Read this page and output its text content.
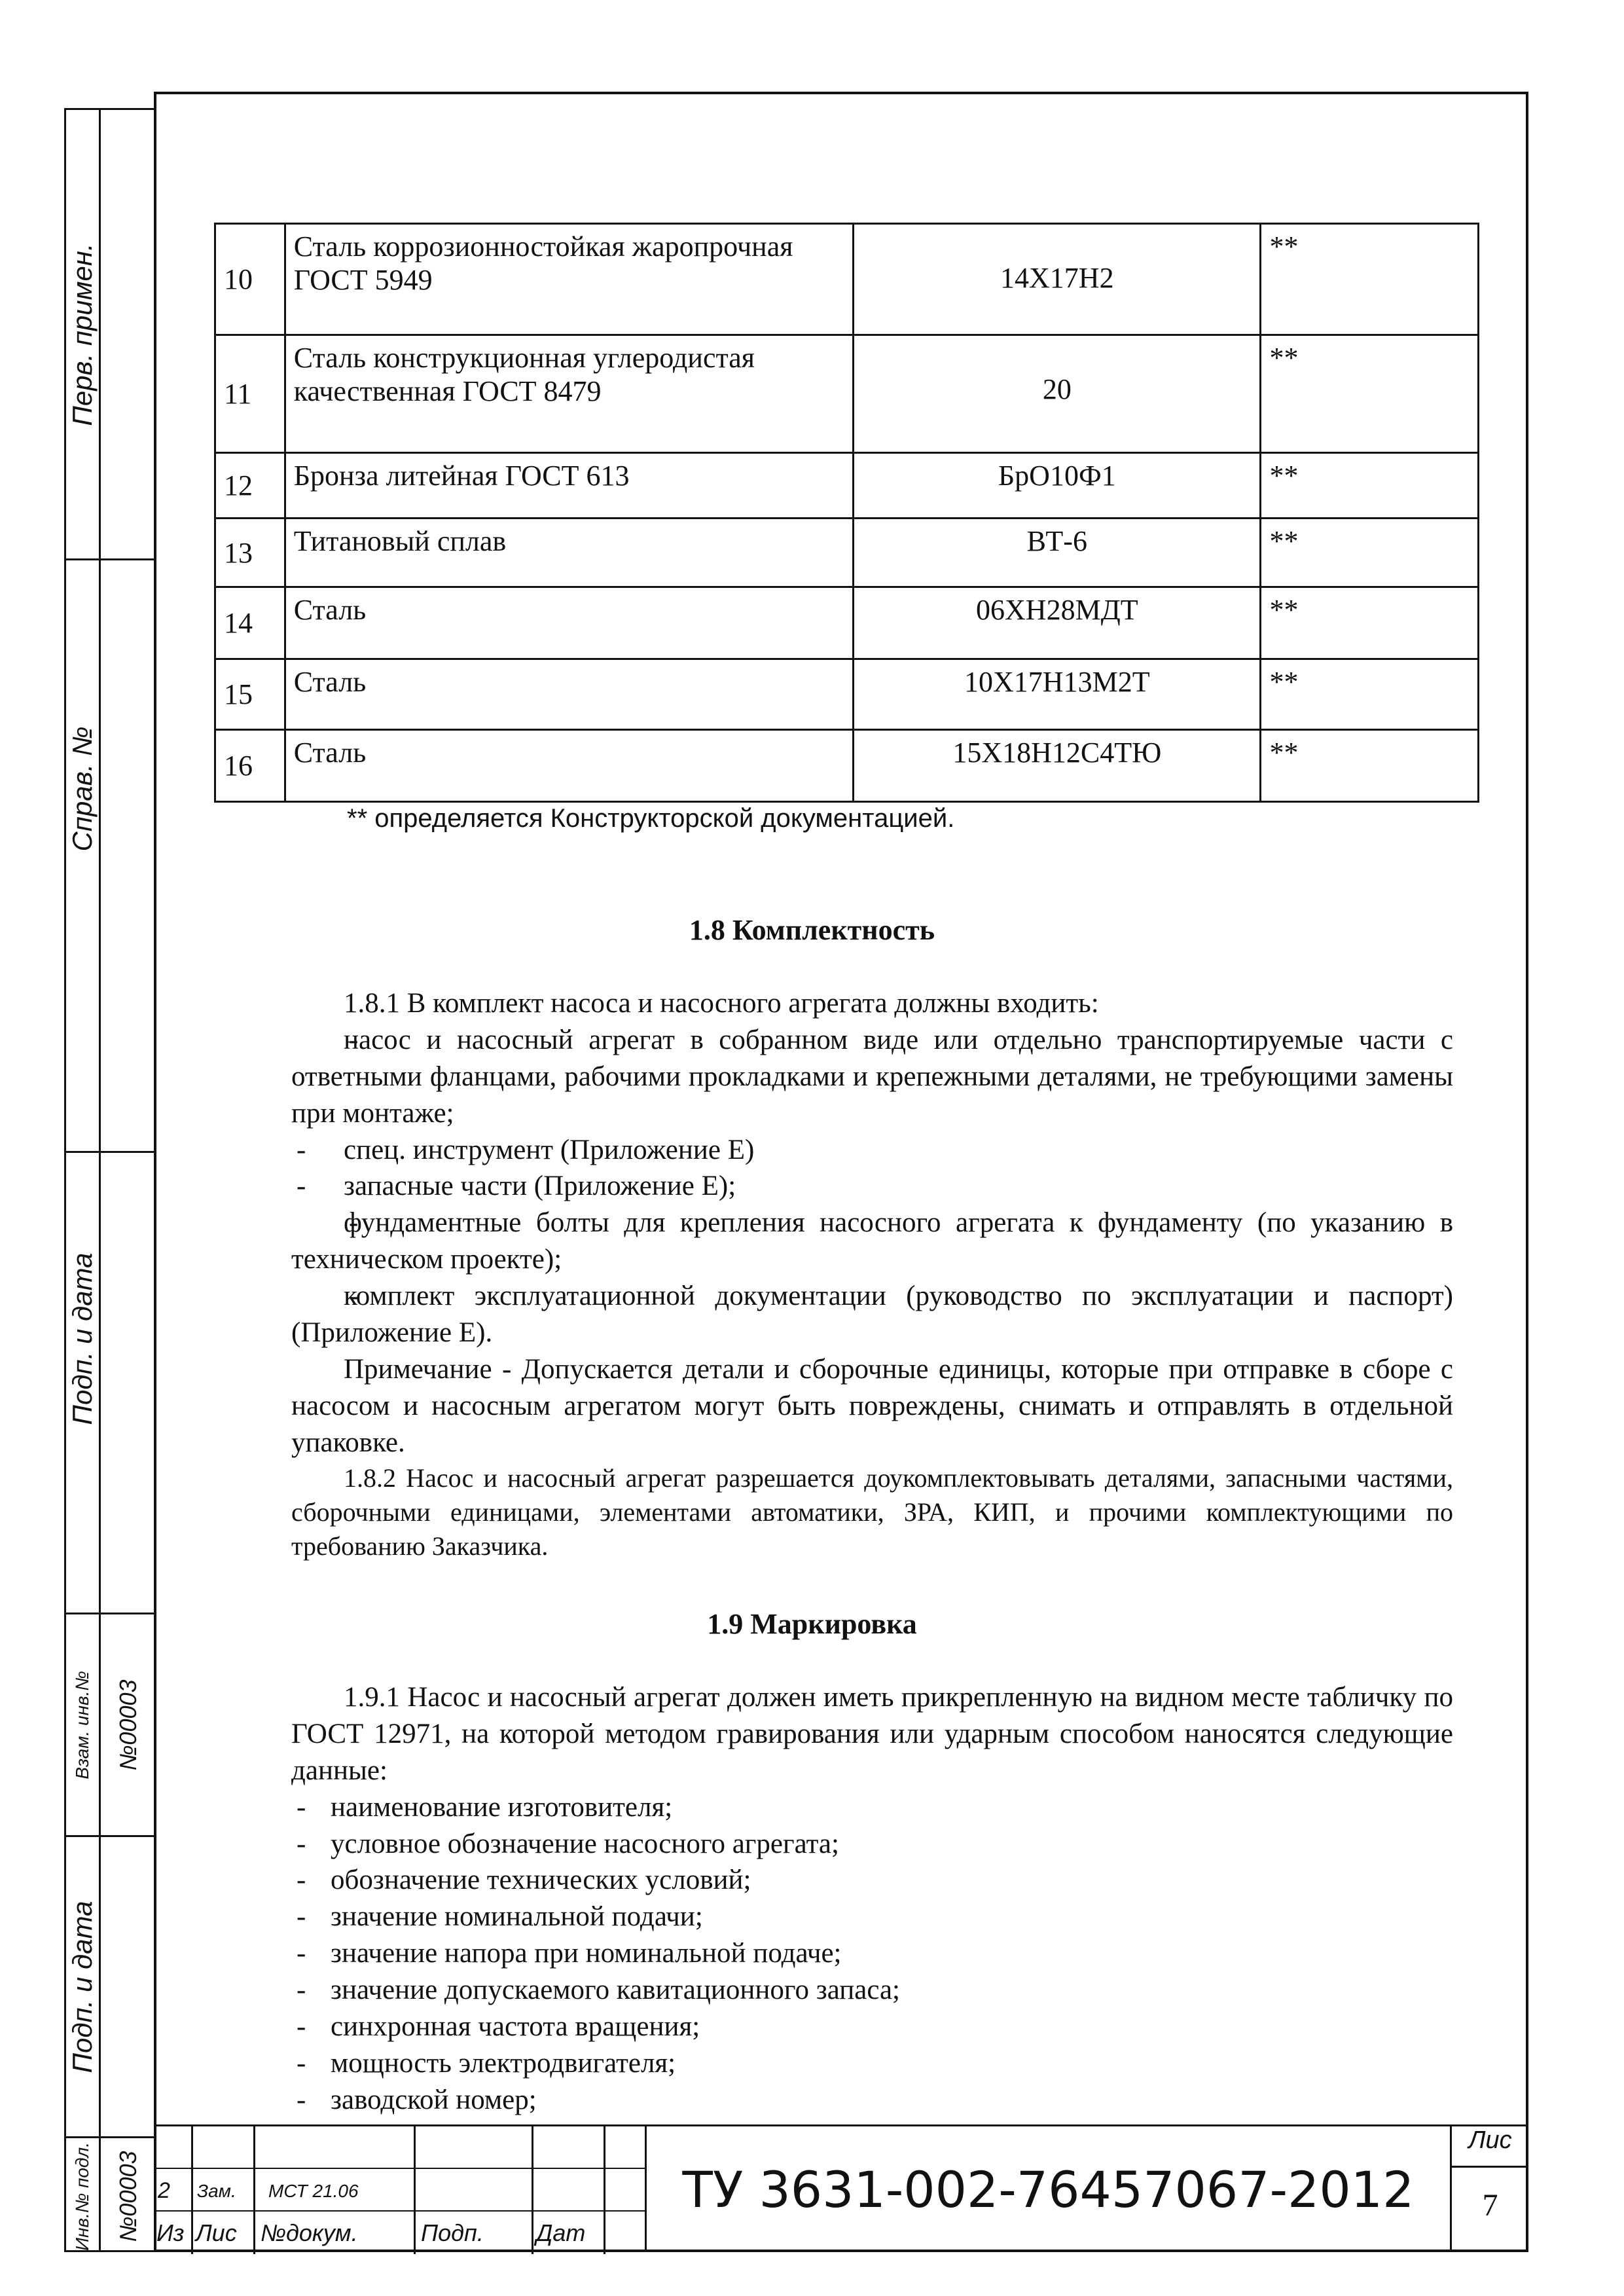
Перв. примен.
Справ. №
Подп. и дата
Взам. инв.№ №00003
Подп. и дата
Инв.№ подл. №00003
10	Сталь коррозионностойкая жаропрочная ГОСТ 5949	14Х17Н2	**
11	Сталь конструкционная углеродистая качественная ГОСТ 8479	20	**
12	Бронза литейная ГОСТ 613	БрО10Ф1	**
13	Титановый сплав	ВТ-6	**
14	Сталь	06ХН28МДТ	**
15	Сталь	10Х17Н13М2Т	**
16	Сталь	15Х18Н12С4ТЮ	**
** определяется Конструкторской документацией.
1.8 Комплектность

1.8.1 В комплект насоса и насосного агрегата должны входить:

- насос и насосный агрегат в собранном виде или отдельно транспортируемые части с ответными фланцами, рабочими прокладками и крепежными деталями, не требующими замены при монтаже;
- спец. инструмент (Приложение Е)
- запасные части (Приложение Е);
- фундаментные болты для крепления насосного агрегата к фундаменту (по указанию в техническом проекте);
- комплект эксплуатационной документации (руководство по эксплуатации и паспорт) (Приложение Е).

Примечание - Допускается детали и сборочные единицы, которые при отправке в сборе с насосом и насосным агрегатом могут быть повреждены, снимать и отправлять в отдельной упаковке.

1.8.2 Насос и насосный агрегат разрешается доукомплектовывать деталями, запасными частями, сборочными единицами, элементами автоматики, ЗРА, КИП, и прочими комплектующими по требованию Заказчика.

1.9 Маркировка

1.9.1 Насос и насосный агрегат должен иметь прикрепленную на видном месте табличку по ГОСТ 12971, на которой методом гравирования или ударным способом наносятся следующие данные:

- наименование изготовителя;
- условное обозначение насосного агрегата;
- обозначение технических условий;
- значение номинальной подачи;
- значение напора при номинальной подаче;
- значение допускаемого кавитационного запаса;
- синхронная частота вращения;
- мощность электродвигателя;
- заводской номер;
2	Зам.	МСТ 21.06
Из Лис	№докум.	Подп.	Дат
ТУ 3631-002-76457067-2012
Лис
7
